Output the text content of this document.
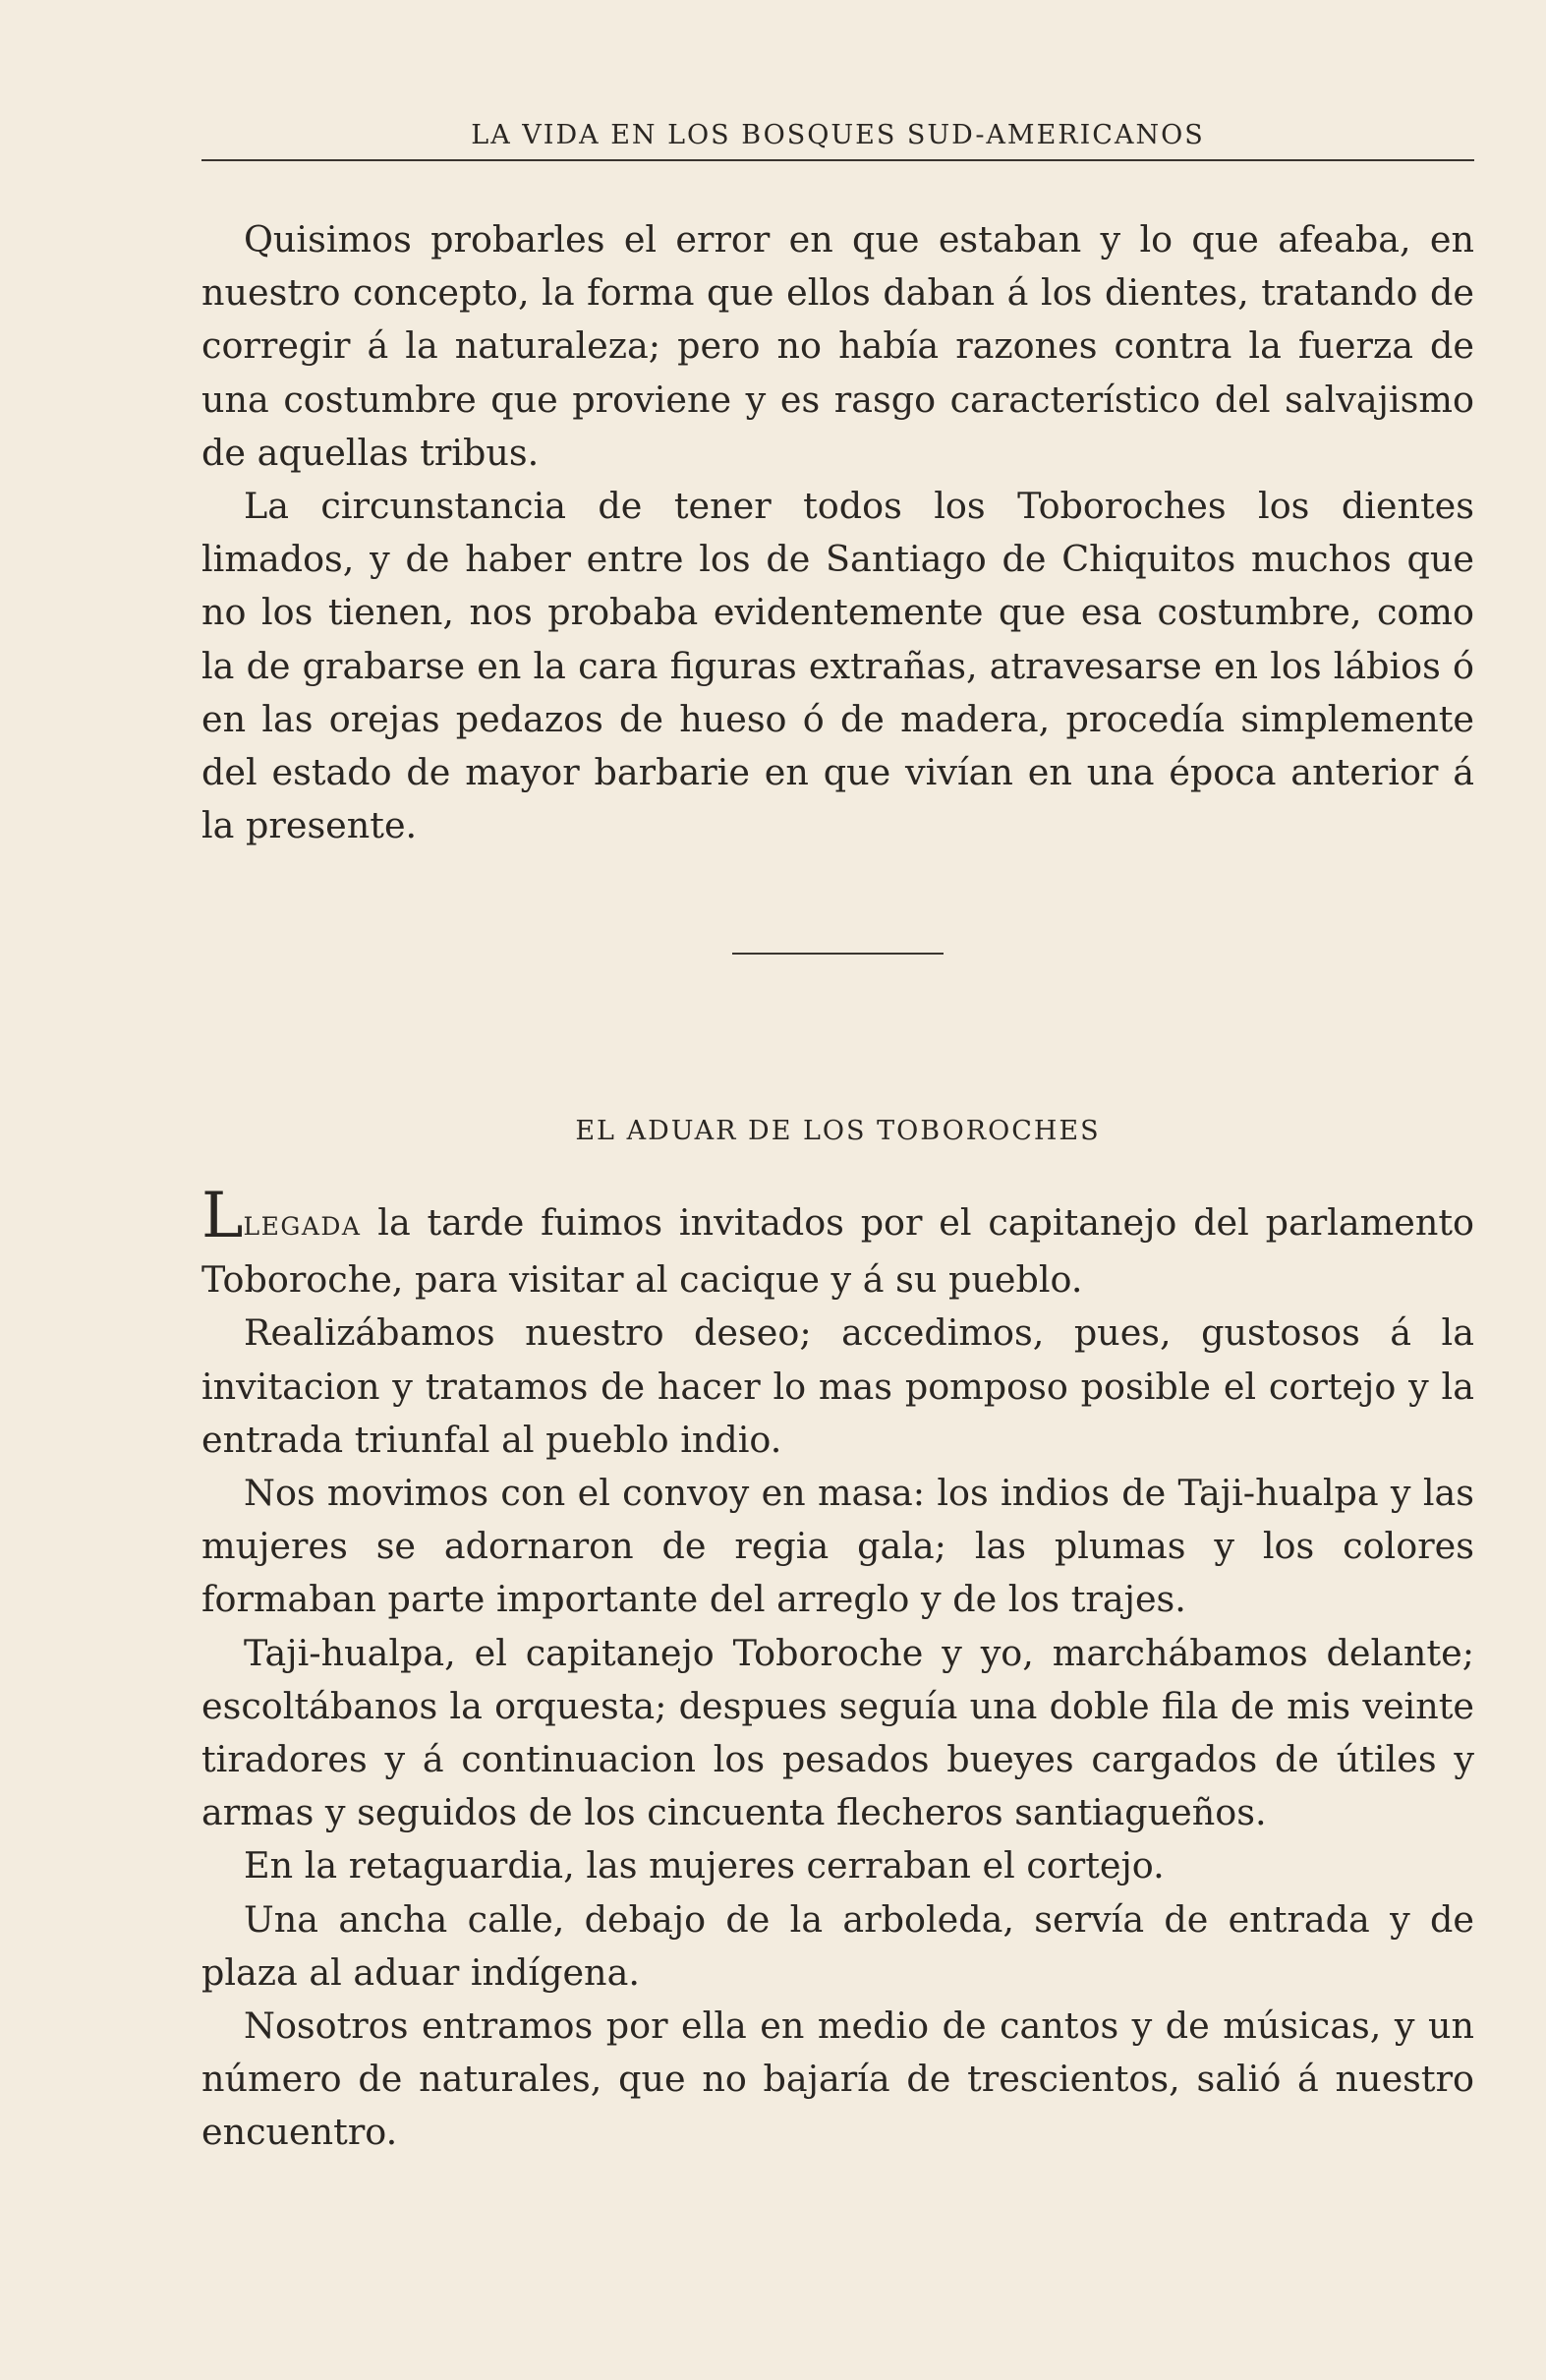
LA VIDA EN LOS BOSQUES SUD-AMERICANOS

Quisimos probarles el error en que estaban y lo que afeaba, en nuestro concepto, la forma que ellos daban á los dientes, tratando de corregir á la naturaleza; pero no había razones contra la fuerza de una costumbre que proviene y es rasgo característico del salvajismo de aquellas tribus.

La circunstancia de tener todos los Toboroches los dientes limados, y de haber entre los de Santiago de Chiquitos muchos que no los tienen, nos probaba evidentemente que esa costumbre, como la de grabarse en la cara figuras extrañas, atravesarse en los lábios ó en las orejas pedazos de hueso ó de madera, procedía simplemente del estado de mayor barbarie en que vivían en una época anterior á la presente.

EL ADUAR DE LOS TOBOROCHES

LLEGADA la tarde fuimos invitados por el capitanejo del parlamento Toboroche, para visitar al cacique y á su pueblo.

Realizábamos nuestro deseo; accedimos, pues, gustosos á la invitacion y tratamos de hacer lo mas pomposo posible el cortejo y la entrada triunfal al pueblo indio.

Nos movimos con el convoy en masa: los indios de Taji-hualpa y las mujeres se adornaron de regia gala; las plumas y los colores formaban parte importante del arreglo y de los trajes.

Taji-hualpa, el capitanejo Toboroche y yo, marchábamos delante; escoltábanos la orquesta; despues seguía una doble fila de mis veinte tiradores y á continuacion los pesados bueyes cargados de útiles y armas y seguidos de los cincuenta flecheros santiagueños.

En la retaguardia, las mujeres cerraban el cortejo.

Una ancha calle, debajo de la arboleda, servía de entrada y de plaza al aduar indígena.

Nosotros entramos por ella en medio de cantos y de músicas, y un número de naturales, que no bajaría de trescientos, salió á nuestro encuentro.
